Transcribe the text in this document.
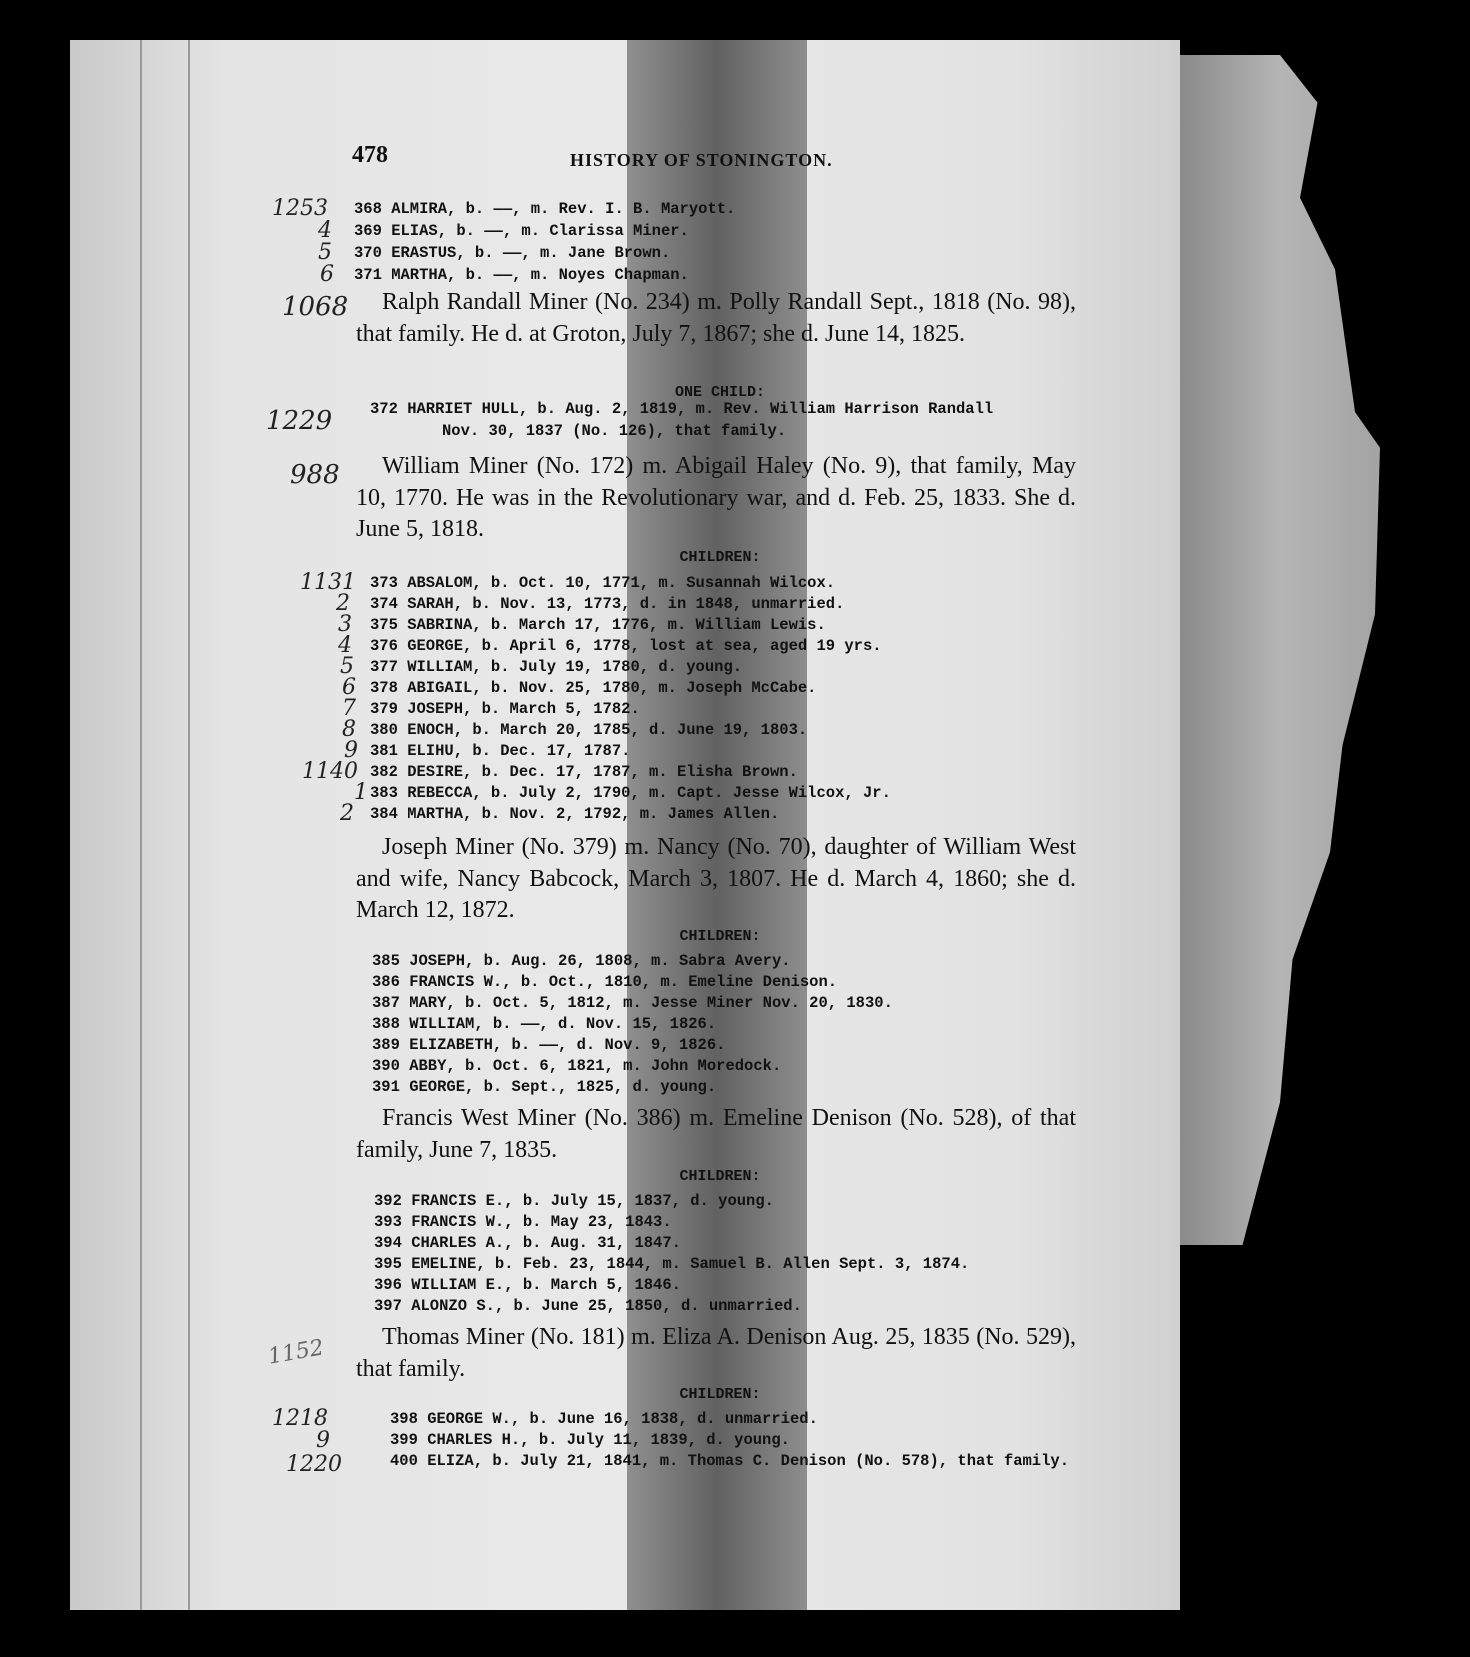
478	HISTORY OF STONINGTON.
1253 368 ALMIRA, b. ——, m. Rev. I. B. Maryott.
4 369 ELIAS, b. ——, m. Clarissa Miner.
5 370 ERASTUS, b. ——, m. Jane Brown.
6 371 MARTHA, b. ——, m. Noyes Chapman.
1068	Ralph Randall Miner (No. 234) m. Polly Randall Sept., 1818 (No. 98), that family. He d. at Groton, July 7, 1867; she d. June 14, 1825.
ONE CHILD:
1229 372 HARRIET HULL, b. Aug. 2, 1819, m. Rev. William Harrison Randall
Nov. 30, 1837 (No. 126), that family.
988	William Miner (No. 172) m. Abigail Haley (No. 9), that family, May 10, 1770. He was in the Revolutionary war, and d. Feb. 25, 1833. She d. June 5, 1818.
CHILDREN:
1131 373 ABSALOM, b. Oct. 10, 1771, m. Susannah Wilcox.
2 374 SARAH, b. Nov. 13, 1773, d. in 1848, unmarried.
3 375 SABRINA, b. March 17, 1776, m. William Lewis.
4 376 GEORGE, b. April 6, 1778, lost at sea, aged 19 yrs.
5 377 WILLIAM, b. July 19, 1780, d. young.
6 378 ABIGAIL, b. Nov. 25, 1780, m. Joseph McCabe.
7 379 JOSEPH, b. March 5, 1782.
8 380 ENOCH, b. March 20, 1785, d. June 19, 1803.
9 381 ELIHU, b. Dec. 17, 1787.
1140 382 DESIRE, b. Dec. 17, 1787, m. Elisha Brown.
1 383 REBECCA, b. July 2, 1790, m. Capt. Jesse Wilcox, Jr.
2 384 MARTHA, b. Nov. 2, 1792, m. James Allen.
Joseph Miner (No. 379) m. Nancy (No. 70), daughter of William West and wife, Nancy Babcock, March 3, 1807. He d. March 4, 1860; she d. March 12, 1872.
CHILDREN:
385 JOSEPH, b. Aug. 26, 1808, m. Sabra Avery.
386 FRANCIS W., b. Oct., 1810, m. Emeline Denison.
387 MARY, b. Oct. 5, 1812, m. Jesse Miner Nov. 20, 1830.
388 WILLIAM, b. ——, d. Nov. 15, 1826.
389 ELIZABETH, b. ——, d. Nov. 9, 1826.
390 ABBY, b. Oct. 6, 1821, m. John Moredock.
391 GEORGE, b. Sept., 1825, d. young.
Francis West Miner (No. 386) m. Emeline Denison (No. 528), of that family, June 7, 1835.
CHILDREN:
392 FRANCIS E., b. July 15, 1837, d. young.
393 FRANCIS W., b. May 23, 1843.
394 CHARLES A., b. Aug. 31, 1847.
395 EMELINE, b. Feb. 23, 1844, m. Samuel B. Allen Sept. 3, 1874.
396 WILLIAM E., b. March 5, 1846.
397 ALONZO S., b. June 25, 1850, d. unmarried.
1152	Thomas Miner (No. 181) m. Eliza A. Denison Aug. 25, 1835 (No. 529), that family.
CHILDREN:
1218	398 GEORGE W., b. June 16, 1838, d. unmarried.
9	399 CHARLES H., b. July 11, 1839, d. young.
1220	400 ELIZA, b. July 21, 1841, m. Thomas C. Denison (No. 578), that family.
